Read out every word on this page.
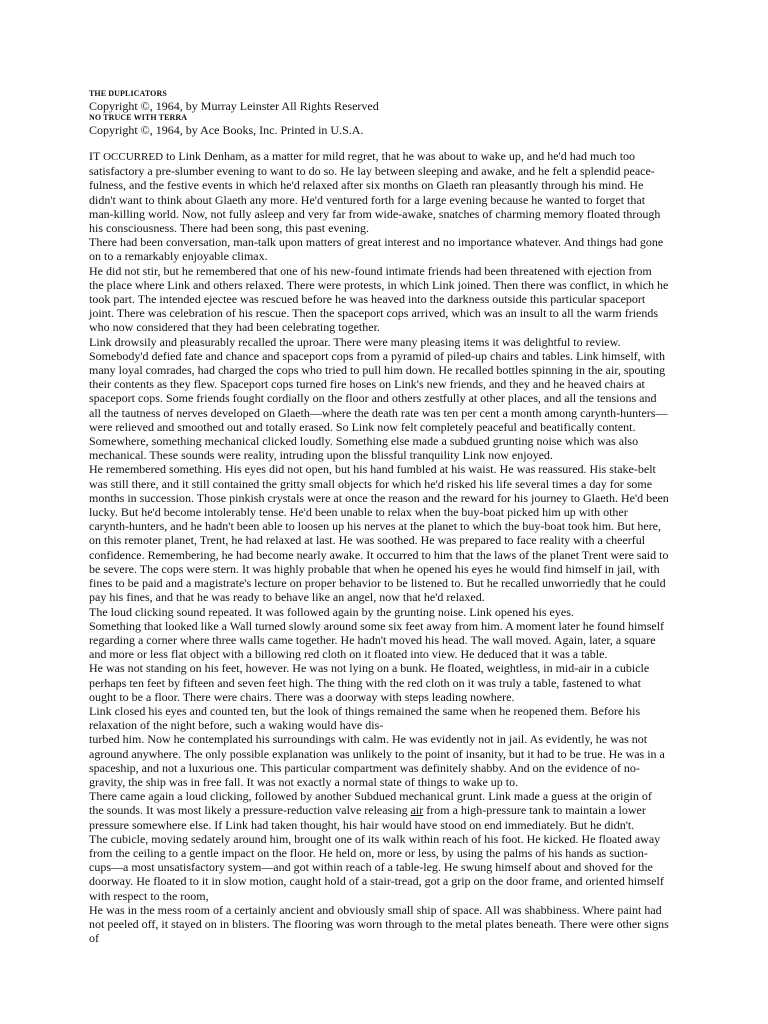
THE DUPLICATORS

Copyright ©, 1964, by Murray Leinster All Rights Reserved

NO TRUCE WITH TERRA

Copyright ©, 1964, by Ace Books, Inc. Printed in U.S.A.

IT OCCURRED to Link Denham, as a matter for mild regret, that he was about to wake up, and he'd had much too satisfactory a pre-slumber evening to want to do so. He lay between sleeping and awake, and he felt a splendid peace-fulness, and the festive events in which he'd relaxed after six months on Glaeth ran pleasantly through his mind. He didn't want to think about Glaeth any more. He'd ventured forth for a large evening because he wanted to forget that man-killing world. Now, not fully asleep and very far from wide-awake, snatches of charming memory floated through his consciousness. There had been song, this past evening.

There had been conversation, man-talk upon matters of great interest and no importance whatever. And things had gone on to a remarkably enjoyable climax.

He did not stir, but he remembered that one of his new-found intimate friends had been threatened with ejection from the place where Link and others relaxed. There were protests, in which Link joined. Then there was conflict, in which he took part. The intended ejectee was rescued before he was heaved into the darkness outside this particular spaceport joint. There was celebration of his rescue. Then the spaceport cops arrived, which was an insult to all the warm friends who now considered that they had been celebrating together.

Link drowsily and pleasurably recalled the uproar. There were many pleasing items it was delightful to review. Somebody'd defied fate and chance and spaceport cops from a pyramid of piled-up chairs and tables. Link himself, with many loyal comrades, had charged the cops who tried to pull him down. He recalled bottles spinning in the air, spouting their contents as they flew. Spaceport cops turned fire hoses on Link's new friends, and they and he heaved chairs at spaceport cops. Some friends fought cordially on the floor and others zestfully at other places, and all the tensions and all the tautness of nerves developed on Glaeth—where the death rate was ten per cent a month among carynth-hunters—were relieved and smoothed out and totally erased. So Link now felt completely peaceful and beatifically content.

Somewhere, something mechanical clicked loudly. Something else made a subdued grunting noise which was also mechanical. These sounds were reality, intruding upon the blissful tranquility Link now enjoyed.

He remembered something. His eyes did not open, but his hand fumbled at his waist. He was reassured. His stake-belt was still there, and it still contained the gritty small objects for which he'd risked his life several times a day for some months in succession. Those pinkish crystals were at once the reason and the reward for his journey to Glaeth. He'd been lucky. But he'd become intolerably tense. He'd been unable to relax when the buy-boat picked him up with other carynth-hunters, and he hadn't been able to loosen up his nerves at the planet to which the buy-boat took him. But here, on this remoter planet, Trent, he had relaxed at last. He was soothed. He was prepared to face reality with a cheerful confidence. Remembering, he had become nearly awake. It occurred to him that the laws of the planet Trent were said to be severe. The cops were stern. It was highly probable that when he opened his eyes he would find himself in jail, with fines to be paid and a magistrate's lecture on proper behavior to be listened to. But he recalled unworriedly that he could pay his fines, and that he was ready to behave like an angel, now that he'd relaxed.

The loud clicking sound repeated. It was followed again by the grunting noise. Link opened his eyes.

Something that looked like a Wall turned slowly around some six feet away from him. A moment later he found himself regarding a corner where three walls came together. He hadn't moved his head. The wall moved. Again, later, a square and more or less flat object with a billowing red cloth on it floated into view. He deduced that it was a table.

He was not standing on his feet, however. He was not lying on a bunk. He floated, weightless, in mid-air in a cubicle perhaps ten feet by fifteen and seven feet high. The thing with the red cloth on it was truly a table, fastened to what ought to be a floor. There were chairs. There was a doorway with steps leading nowhere.

Link closed his eyes and counted ten, but the look of things remained the same when he reopened them. Before his relaxation of the night before, such a waking would have dis-

turbed him. Now he contemplated his surroundings with calm. He was evidently not in jail. As evidently, he was not aground anywhere. The only possible explanation was unlikely to the point of insanity, but it had to be true. He was in a spaceship, and not a luxurious one. This particular compartment was definitely shabby. And on the evidence of no-gravity, the ship was in free fall. It was not exactly a normal state of things to wake up to.

There came again a loud clicking, followed by another Subdued mechanical grunt. Link made a guess at the origin of the sounds. It was most likely a pressure-reduction valve releasing air from a high-pressure tank to maintain a lower pressure somewhere else. If Link had taken thought, his hair would have stood on end immediately. But he didn't.

The cubicle, moving sedately around him, brought one of its walk within reach of his foot. He kicked. He floated away from the ceiling to a gentle impact on the floor. He held on, more or less, by using the palms of his hands as suction-cups—a most unsatisfactory system—and got within reach of a table-leg. He swung himself about and shoved for the doorway. He floated to it in slow motion, caught hold of a stair-tread, got a grip on the door frame, and oriented himself with respect to the room,

He was in the mess room of a certainly ancient and obviously small ship of space. All was shabbiness. Where paint had not peeled off, it stayed on in blisters. The flooring was worn through to the metal plates beneath. There were other signs of
